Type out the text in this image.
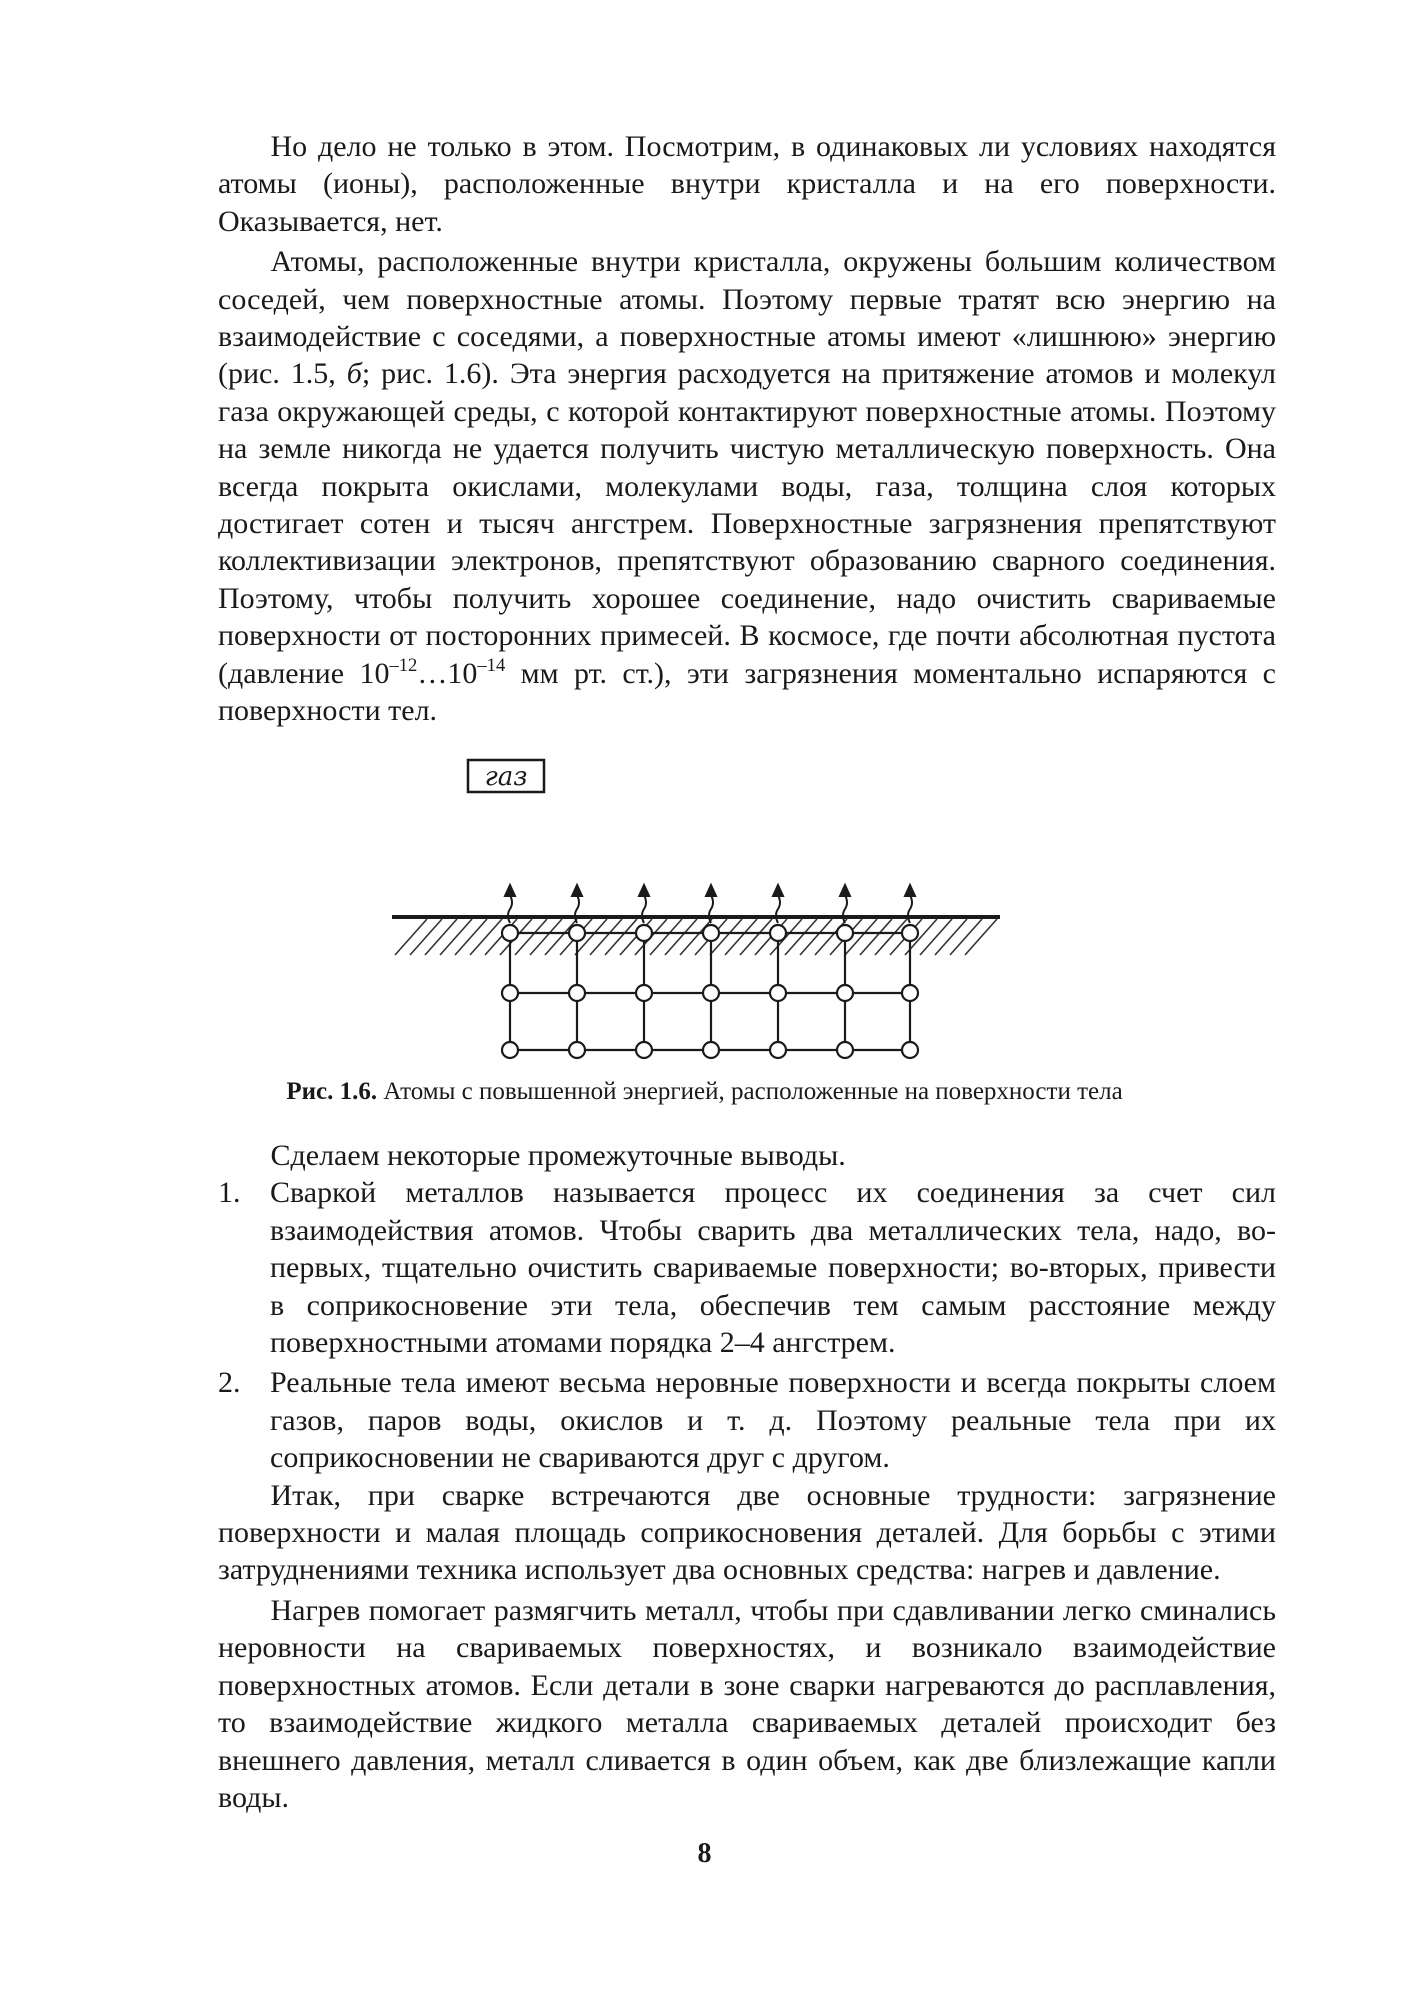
Но дело не только в этом. Посмотрим, в одинаковых ли условиях находятся атомы (ионы), расположенные внутри кристалла и на его поверхности. Оказывается, нет.

Атомы, расположенные внутри кристалла, окружены большим количеством соседей, чем поверхностные атомы. Поэтому первые тратят всю энергию на взаимодействие с соседями, а поверхностные атомы имеют «лишнюю» энергию (рис. 1.5, б; рис. 1.6). Эта энергия расходуется на притяжение атомов и молекул газа окружающей среды, с которой контактируют поверхностные атомы. Поэтому на земле никогда не удается получить чистую металлическую поверхность. Она всегда покрыта окислами, молекулами воды, газа, толщина слоя которых достигает сотен и тысяч ангстрем. Поверхностные загрязнения препятствуют коллективизации электронов, препятствуют образованию сварного соединения. Поэтому, чтобы получить хорошее соединение, надо очистить свариваемые поверхности от посторонних примесей. В космосе, где почти абсолютная пустота (давление $10^{-12}\dots 10^{-14}$ мм рт. ст.), эти загрязнения моментально испаряются с поверхности тел.

газ
Рис. 1.6. Атомы с повышенной энергией, расположенные на поверхности тела

Сделаем некоторые промежуточные выводы.

1. Сваркой металлов называется процесс их соединения за счет сил взаимодействия атомов. Чтобы сварить два металлических тела, надо, во-первых, тщательно очистить свариваемые поверхности; во-вторых, привести в соприкосновение эти тела, обеспечив тем самым расстояние между поверхностными атомами порядка 2–4 ангстрем.
2. Реальные тела имеют весьма неровные поверхности и всегда покрыты слоем газов, паров воды, окислов и т. д. Поэтому реальные тела при их соприкосновении не свариваются друг с другом.

Итак, при сварке встречаются две основные трудности: загрязнение поверхности и малая площадь соприкосновения деталей. Для борьбы с этими затруднениями техника использует два основных средства: нагрев и давление.

Нагрев помогает размягчить металл, чтобы при сдавливании легко сминались неровности на свариваемых поверхностях, и возникало взаимодействие поверхностных атомов. Если детали в зоне сварки нагреваются до расплавления, то взаимодействие жидкого металла свариваемых деталей происходит без внешнего давления, металл сливается в один объем, как две близлежащие капли воды.

8
